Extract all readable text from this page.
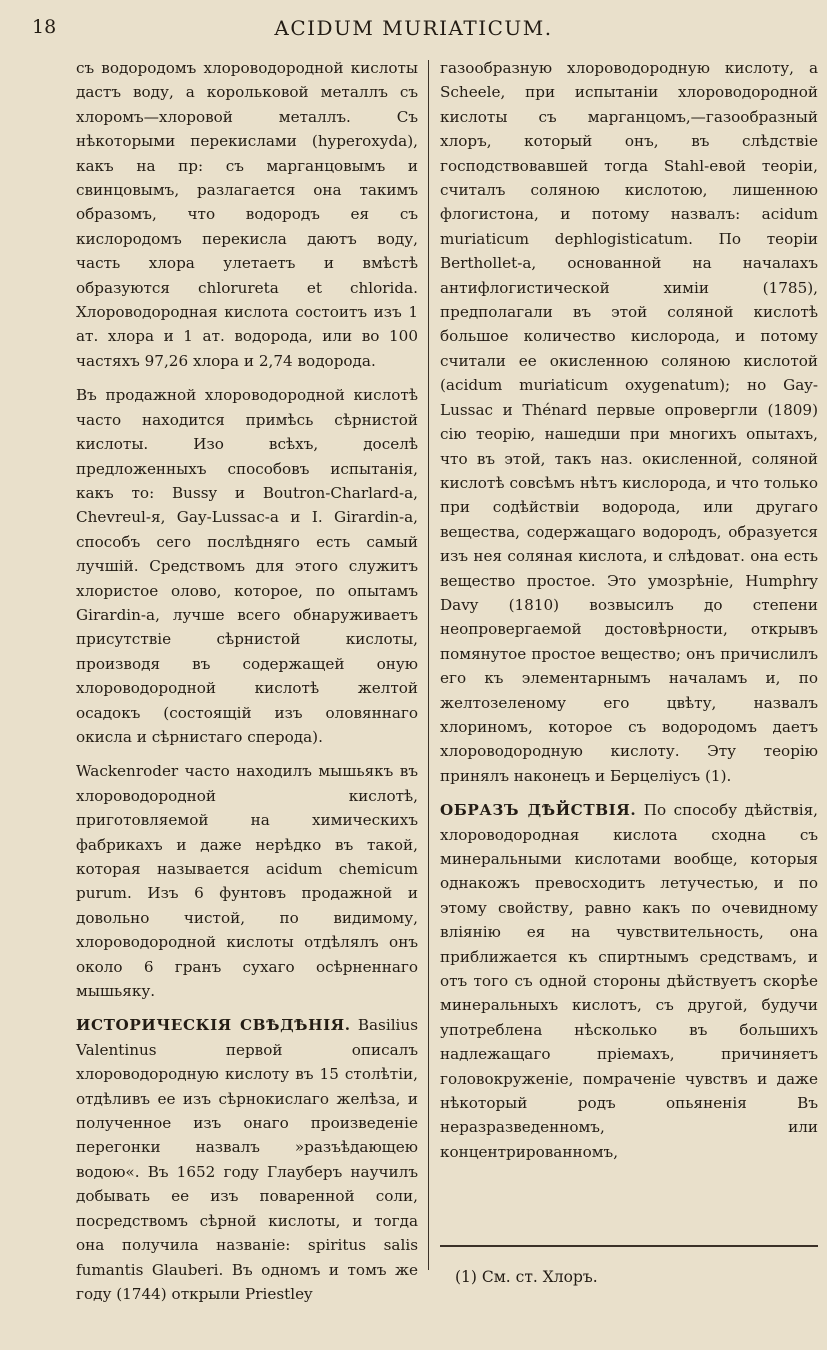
18	ACIDUM MURIATICUM.

съ водородомъ хлороводородной кислоты дастъ воду, а корольковой металлъ съ хлоромъ—хлоровой металлъ. Съ нѣкоторыми перекислами (hyperoxyda), какъ на пр: съ марганцовымъ и свинцовымъ, разлагается она такимъ образомъ, что водородъ ея съ кислородомъ перекисла даютъ воду, часть хлора улетаетъ и вмѣстѣ образуются chlorureta et chlorida. Хлороводородная кислота состоитъ изъ 1 ат. хлора и 1 ат. водорода, или во 100 частяхъ 97,26 хлора и 2,74 водорода.

Въ продажной хлороводородной кислотѣ часто находится примѣсь сѣрнистой кислоты. Изо всѣхъ, доселѣ предложенныхъ способовъ испытанія, какъ то: Bussy и Boutron-Charlard-а, Chevreul-я, Gay-Lussac-а и I. Girardin-а, способъ сего послѣдняго есть самый лучшій. Средствомъ для этого служитъ хлористое олово, которое, по опытамъ Girardin-а, лучше всего обнаруживаетъ присутствіе сѣрнистой кислоты, производя въ содержащей оную хлороводородной кислотѣ желтой осадокъ (состоящій изъ оловяннаго окисла и сѣрнистаго сперода).

Wackenroder часто находилъ мышьякъ въ хлороводородной кислотѣ, приготовляемой на химическихъ фабрикахъ и даже нерѣдко въ такой, которая называется acidum chemicum purum. Изъ 6 фунтовъ продажной и довольно чистой, по видимому, хлороводородной кислоты отдѣлялъ онъ около 6 гранъ сухаго осѣрненнаго мышьяку.

ИСТОРИЧЕСКІЯ СВѢДѢНІЯ. Basilius Valentinus первой описалъ хлороводородную кислоту въ 15 столѣтіи, отдѣливъ ее изъ сѣрнокислаго желѣза, и полученное изъ онаго произведеніе перегонки назвалъ »разъѣдающею водою«. Въ 1652 году Глауберъ научилъ добывать ее изъ поваренной соли, посредствомъ сѣрной кислоты, и тогда она получила названіе: spiritus salis fumantis Glauberi. Въ одномъ и томъ же году (1744) открыли Priestley

газообразную хлороводородную кислоту, а Scheele, при испытаніи хлороводородной кислоты съ марганцомъ,—газообразный хлоръ, который онъ, въ слѣдствіе господствовавшей тогда Stahl-евой теоріи, считалъ соляною кислотою, лишенною флогистона, и потому назвалъ: acidum muriaticum dephlogisticatum. По теоріи Berthollet-а, основанной на началахъ антифлогистической химіи (1785), предполагали въ этой соляной кислотѣ большое количество кислорода, и потому считали ее окисленною соляною кислотой (acidum muriaticum oxygenatum); но Gay-Lussac и Thénard первые опровергли (1809) сію теорію, нашедши при многихъ опытахъ, что въ этой, такъ наз. окисленной, соляной кислотѣ совсѣмъ нѣтъ кислорода, и что только при содѣйствіи водорода, или другаго вещества, содержащаго водородъ, образуется изъ нея соляная кислота, и слѣдоват. она есть вещество простое. Это умозрѣніе, Humphry Davy (1810) возвысилъ до степени неопровергаемой достовѣрности, открывъ помянутое простое вещество; онъ причислилъ его къ элементарнымъ началамъ и, по желтозеленому его цвѣту, назвалъ хлориномъ, которое съ водородомъ даетъ хлороводородную кислоту. Эту теорію принялъ наконецъ и Берцеліусъ (1).

ОБРАЗЪ ДѢЙСТВІЯ. По способу дѣйствія, хлороводородная кислота сходна съ минеральными кислотами вообще, которыя однакожъ превосходитъ летучестью, и по этому свойству, равно какъ по очевидному вліянію ея на чувствительность, она приближается къ спиртнымъ средствамъ, и отъ того съ одной стороны дѣйствуетъ скорѣе минеральныхъ кислотъ, съ другой, будучи употреблена нѣсколько въ большихъ надлежащаго пріемахъ, причиняетъ головокруженіе, помраченіе чувствъ и даже нѣкоторый родъ опьяненія Въ неразразведенномъ, или концентрированномъ,

(1) См. ст. Хлоръ.
